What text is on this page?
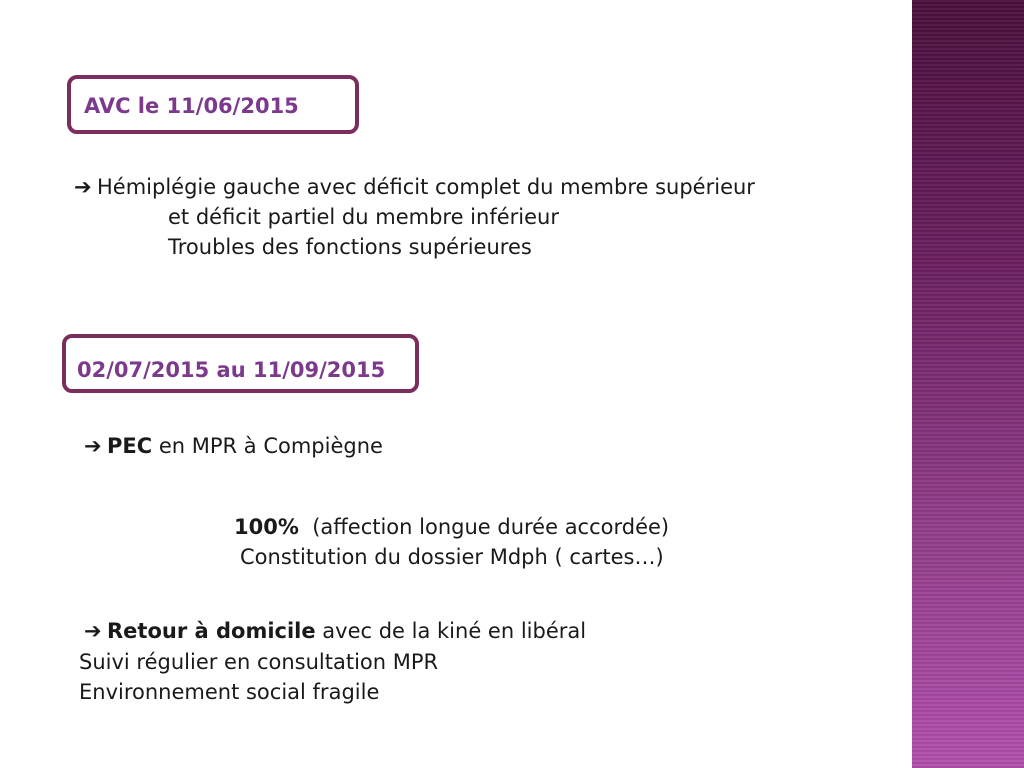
AVC le 11/06/2015
➔ Hémiplégie gauche avec déficit complet du membre supérieur
et déficit partiel du membre inférieur
Troubles des fonctions supérieures
02/07/2015 au 11/09/2015
➔ PEC en MPR à Compiègne
100%  (affection longue durée accordée)
Constitution du dossier Mdph ( cartes…)
➔ Retour à domicile avec de la kiné en libéral
Suivi régulier en consultation MPR
Environnement social fragile
